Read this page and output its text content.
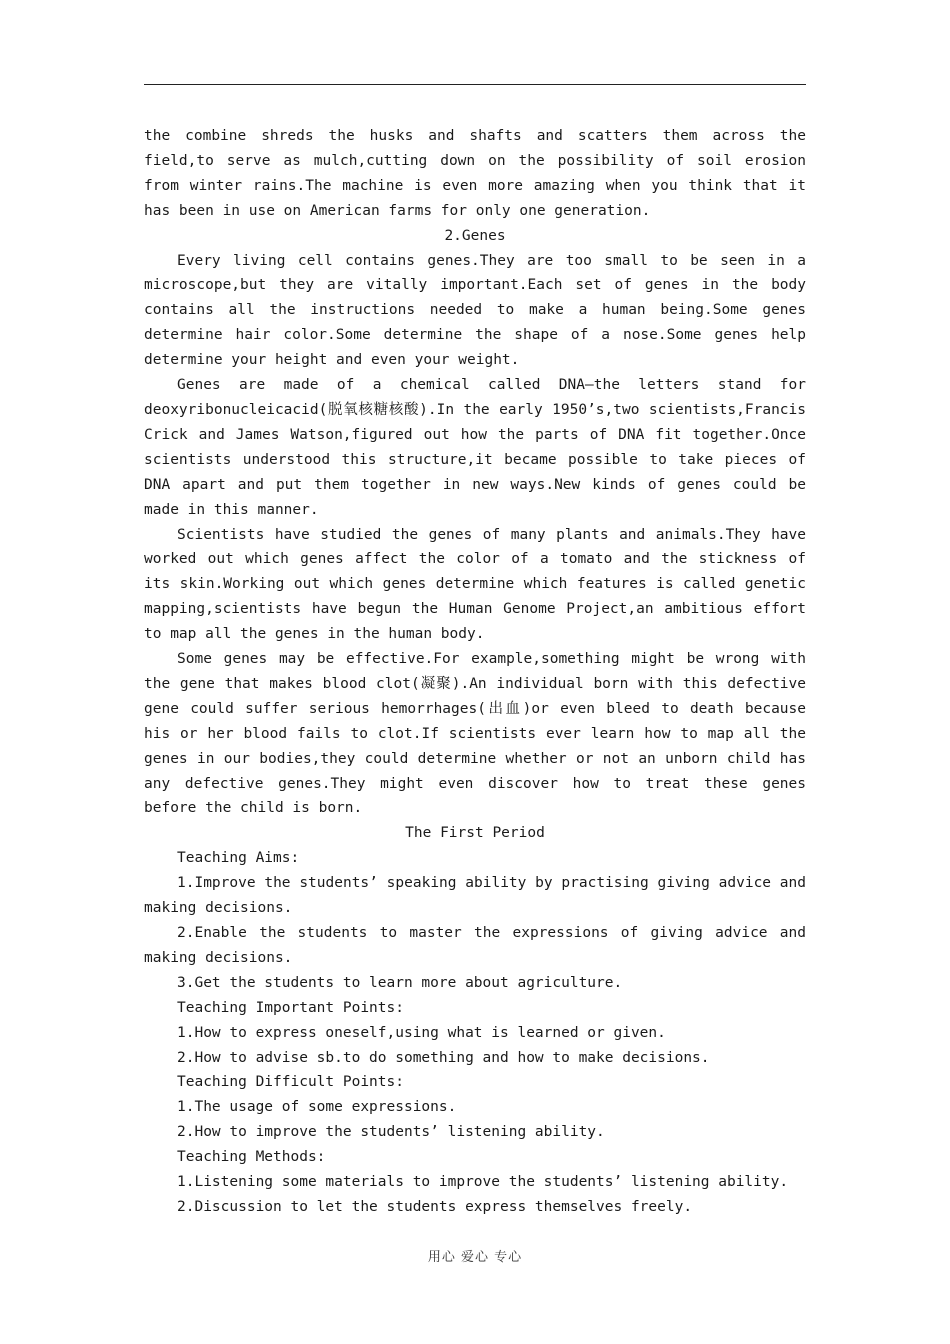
the combine shreds the husks and shafts and scatters them across the field,to serve as mulch,cutting down on the possibility of soil erosion from winter rains.The machine is even more amazing when you think that it has been in use on American farms for only one generation.

2.Genes

Every living cell contains genes.They are too small to be seen in a microscope,but they are vitally important.Each set of genes in the body contains all the instructions needed to make a human being.Some genes determine hair color.Some determine the shape of a nose.Some genes help determine your height and even your weight.

Genes are made of a chemical called DNA—the letters stand for deoxyribonucleicacid(脱氧核糖核酸).In the early 1950’s,two scientists,Francis Crick and James Watson,figured out how the parts of DNA fit together.Once scientists understood this structure,it became possible to take pieces of DNA apart and put them together in new ways.New kinds of genes could be made in this manner.

Scientists have studied the genes of many plants and animals.They have worked out which genes affect the color of a tomato and the stickness of its skin.Working out which genes determine which features is called genetic mapping,scientists have begun the Human Genome Project,an ambitious effort to map all the genes in the human body.

Some genes may be effective.For example,something might be wrong with the gene that makes blood clot(凝聚).An individual born with this defective gene could suffer serious hemorrhages(出血)or even bleed to death because his or her blood fails to clot.If scientists ever learn how to map all the genes in our bodies,they could determine whether or not an unborn child has any defective genes.They might even discover how to treat these genes before the child is born.

The First Period

Teaching Aims:

1.Improve the students’ speaking ability by practising giving advice and making decisions.

2.Enable the students to master the expressions of giving advice and making decisions.

3.Get the students to learn more about agriculture.

Teaching Important Points:

1.How to express oneself,using what is learned or given.

2.How to advise sb.to do something and how to make decisions.

Teaching Difficult Points:

1.The usage of some expressions.

2.How to improve the students’ listening ability.

Teaching Methods:

1.Listening some materials to improve the students’ listening ability.

2.Discussion to let the students express themselves freely.

用心 爱心 专心
